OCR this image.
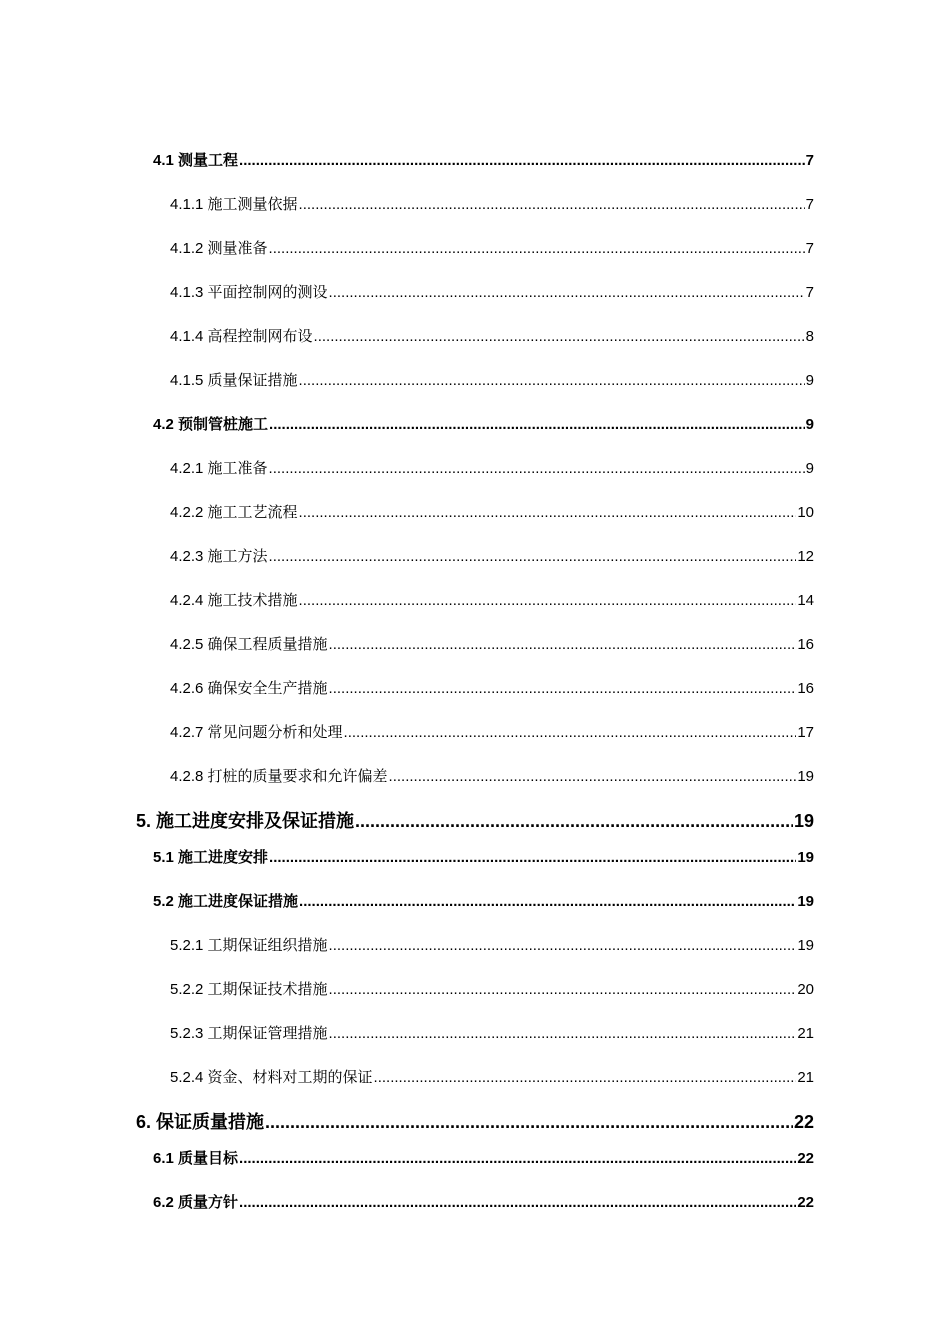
4.1 测量工程 .....	7
4.1.1 施工测量依据 .....	7
4.1.2 测量准备 .....	7
4.1.3 平面控制网的测设 .....	7
4.1.4 高程控制网布设 .....	8
4.1.5 质量保证措施 .....	9
4.2 预制管桩施工 .....	9
4.2.1 施工准备 .....	9
4.2.2 施工工艺流程 .....	10
4.2.3 施工方法 .....	12
4.2.4 施工技术措施 .....	14
4.2.5 确保工程质量措施 .....	16
4.2.6 确保安全生产措施 .....	16
4.2.7 常见问题分析和处理 .....	17
4.2.8 打桩的质量要求和允许偏差 .....	19
5. 施工进度安排及保证措施 .....	19
5.1 施工进度安排 .....	19
5.2 施工进度保证措施 .....	19
5.2.1 工期保证组织措施 .....	19
5.2.2 工期保证技术措施 .....	20
5.2.3 工期保证管理措施 .....	21
5.2.4 资金、材料对工期的保证 .....	21
6. 保证质量措施 .....	22
6.1 质量目标 .....	22
6.2 质量方针 .....	22
